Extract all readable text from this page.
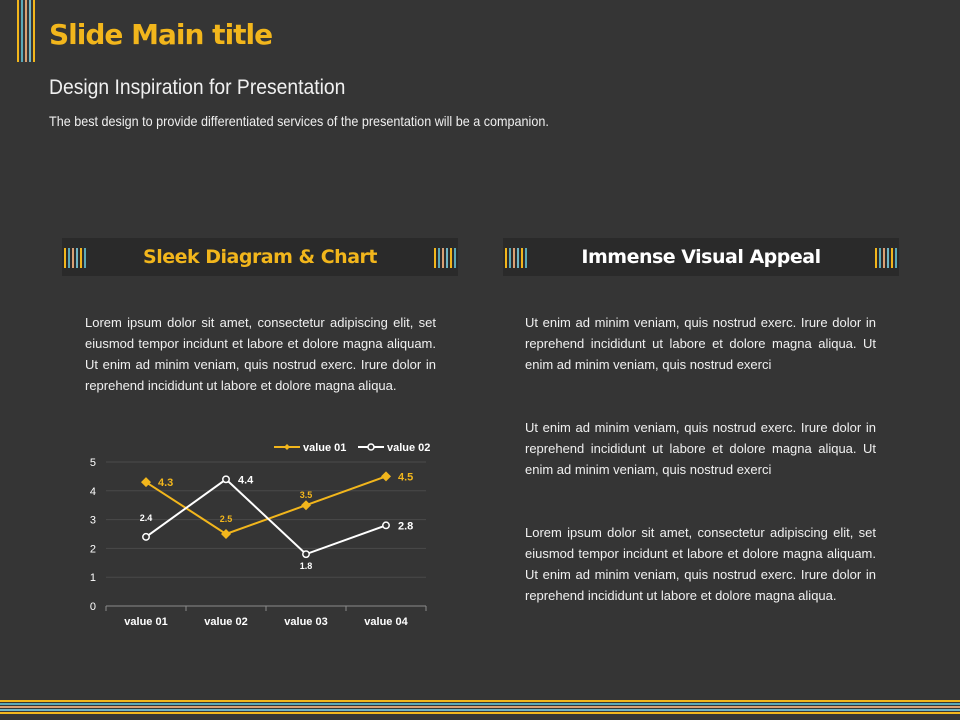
Slide Main title

Design Inspiration for Presentation

The best design to provide differentiated services of the presentation will be a companion.

Sleek Diagram & Chart	Immense Visual Appeal

Lorem ipsum dolor sit amet, consectetur adipiscing elit, set eiusmod tempor incidunt et labore et dolore magna aliquam. Ut enim ad minim veniam, quis nostrud exerc. Irure dolor in reprehend incididunt ut labore et dolore magna aliqua.

Ut enim ad minim veniam, quis nostrud exerc. Irure dolor in reprehend incididunt ut labore et dolore magna aliqua. Ut enim ad minim veniam, quis nostrud exerci

Ut enim ad minim veniam, quis nostrud exerc. Irure dolor in reprehend incididunt ut labore et dolore magna aliqua. Ut enim ad minim veniam, quis nostrud exerci

Lorem ipsum dolor sit amet, consectetur adipiscing elit, set eiusmod tempor incidunt et labore et dolore magna aliquam. Ut enim ad minim veniam, quis nostrud exerc. Irure dolor in reprehend incididunt ut labore et dolore magna aliqua.

0
1
2
3
4
5
value 01	value 02	value 03	value 04
value 01	value 02
4.3
2.5
3.5
4.5
2.4
4.4
1.8
2.8
